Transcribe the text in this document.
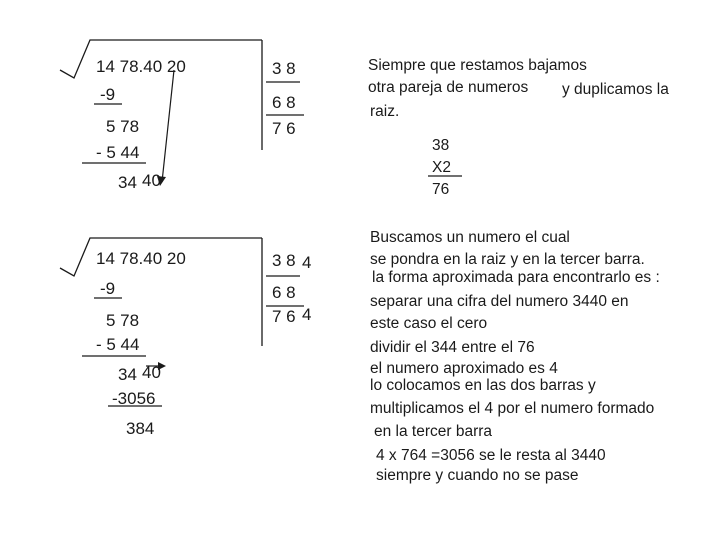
14 78.40 20
-9
5 78
- 5 44
34 40
3 8
6 8
7 6
Siempre que restamos bajamos
otra pareja de numeros y duplicamos la
raiz.
38
X2
76
14 78.40 20
-9
5 78
- 5 44
34 40
-3056
384
3 8 4
6 8
7 6 4
Buscamos un numero el cual
se pondra en la raiz y en la tercer barra.
la forma aproximada para encontrarlo es :
separar una cifra del numero 3440 en
este caso el cero
dividir el 344 entre el 76
el numero aproximado es 4
lo colocamos en las dos barras y
multiplicamos el 4 por el numero formado
en la tercer barra
4 x 764 =3056 se le resta al 3440
siempre y cuando no se pase
